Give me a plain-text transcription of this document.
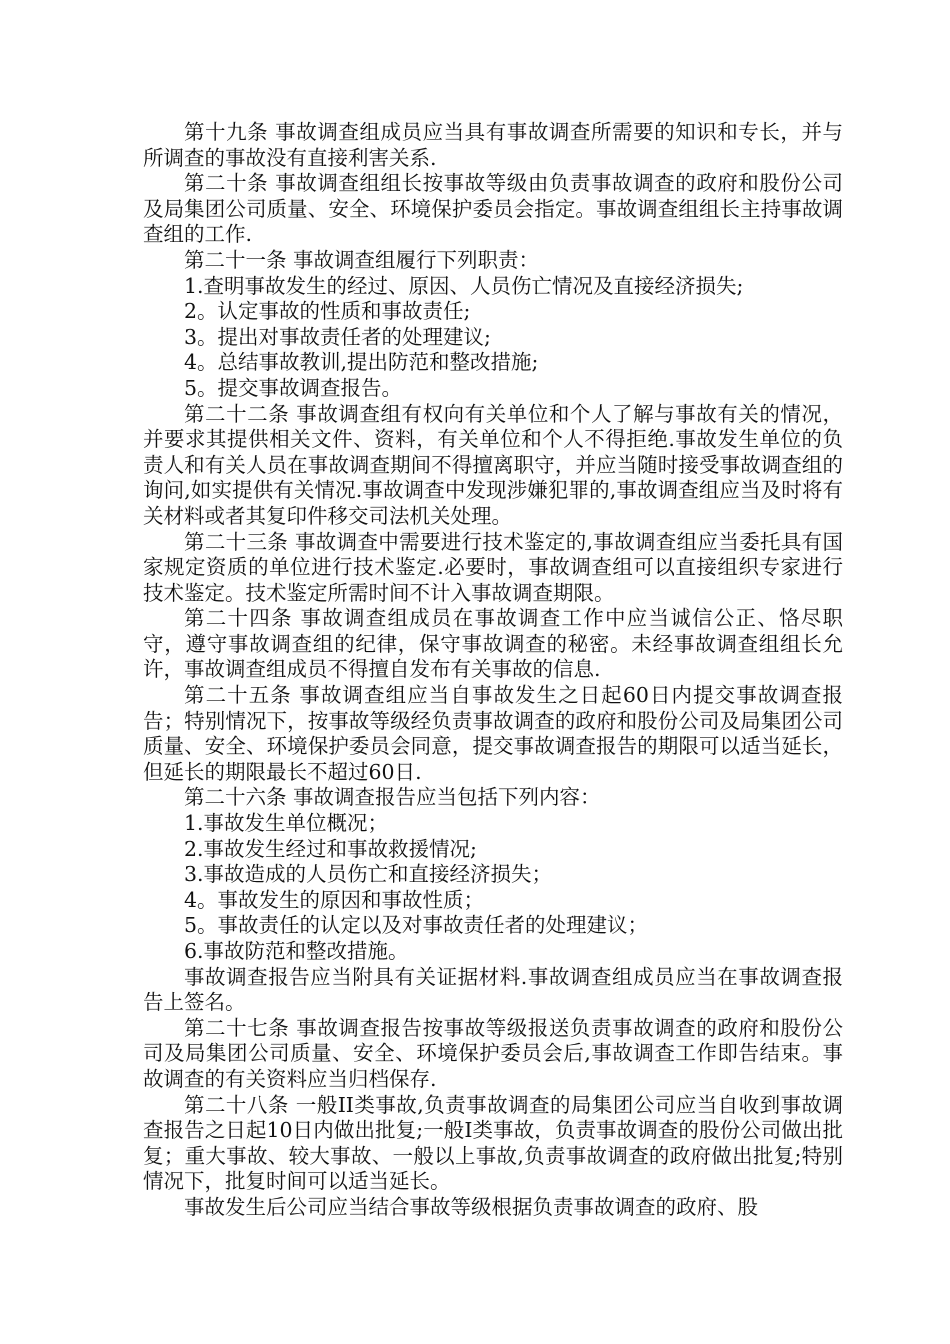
第十九条 事故调查组成员应当具有事故调查所需要的知识和专长，并与所调查的事故没有直接利害关系.

第二十条 事故调查组组长按事故等级由负责事故调查的政府和股份公司及局集团公司质量、安全、环境保护委员会指定。事故调查组组长主持事故调查组的工作.

第二十一条 事故调查组履行下列职责：

1.查明事故发生的经过、原因、人员伤亡情况及直接经济损失;

2。认定事故的性质和事故责任;

3。提出对事故责任者的处理建议;

4。总结事故教训,提出防范和整改措施;

5。提交事故调查报告。

第二十二条 事故调查组有权向有关单位和个人了解与事故有关的情况，并要求其提供相关文件、资料，有关单位和个人不得拒绝.事故发生单位的负责人和有关人员在事故调查期间不得擅离职守，并应当随时接受事故调查组的询问,如实提供有关情况.事故调查中发现涉嫌犯罪的,事故调查组应当及时将有关材料或者其复印件移交司法机关处理。

第二十三条 事故调查中需要进行技术鉴定的,事故调查组应当委托具有国家规定资质的单位进行技术鉴定.必要时，事故调查组可以直接组织专家进行技术鉴定。技术鉴定所需时间不计入事故调查期限。

第二十四条 事故调查组成员在事故调查工作中应当诚信公正、恪尽职守，遵守事故调查组的纪律，保守事故调查的秘密。未经事故调查组组长允许，事故调查组成员不得擅自发布有关事故的信息.

第二十五条 事故调查组应当自事故发生之日起60日内提交事故调查报告；特别情况下，按事故等级经负责事故调查的政府和股份公司及局集团公司质量、安全、环境保护委员会同意，提交事故调查报告的期限可以适当延长，但延长的期限最长不超过60日.

第二十六条 事故调查报告应当包括下列内容：

1.事故发生单位概况；

2.事故发生经过和事故救援情况;

3.事故造成的人员伤亡和直接经济损失；

4。事故发生的原因和事故性质；

5。事故责任的认定以及对事故责任者的处理建议；

6.事故防范和整改措施。

事故调查报告应当附具有关证据材料.事故调查组成员应当在事故调查报告上签名。

第二十七条 事故调查报告按事故等级报送负责事故调查的政府和股份公司及局集团公司质量、安全、环境保护委员会后,事故调查工作即告结束。事故调查的有关资料应当归档保存.

第二十八条 一般II类事故,负责事故调查的局集团公司应当自收到事故调查报告之日起10日内做出批复;一般I类事故，负责事故调查的股份公司做出批复；重大事故、较大事故、一般以上事故,负责事故调查的政府做出批复;特别情况下，批复时间可以适当延长。

事故发生后公司应当结合事故等级根据负责事故调查的政府、股
